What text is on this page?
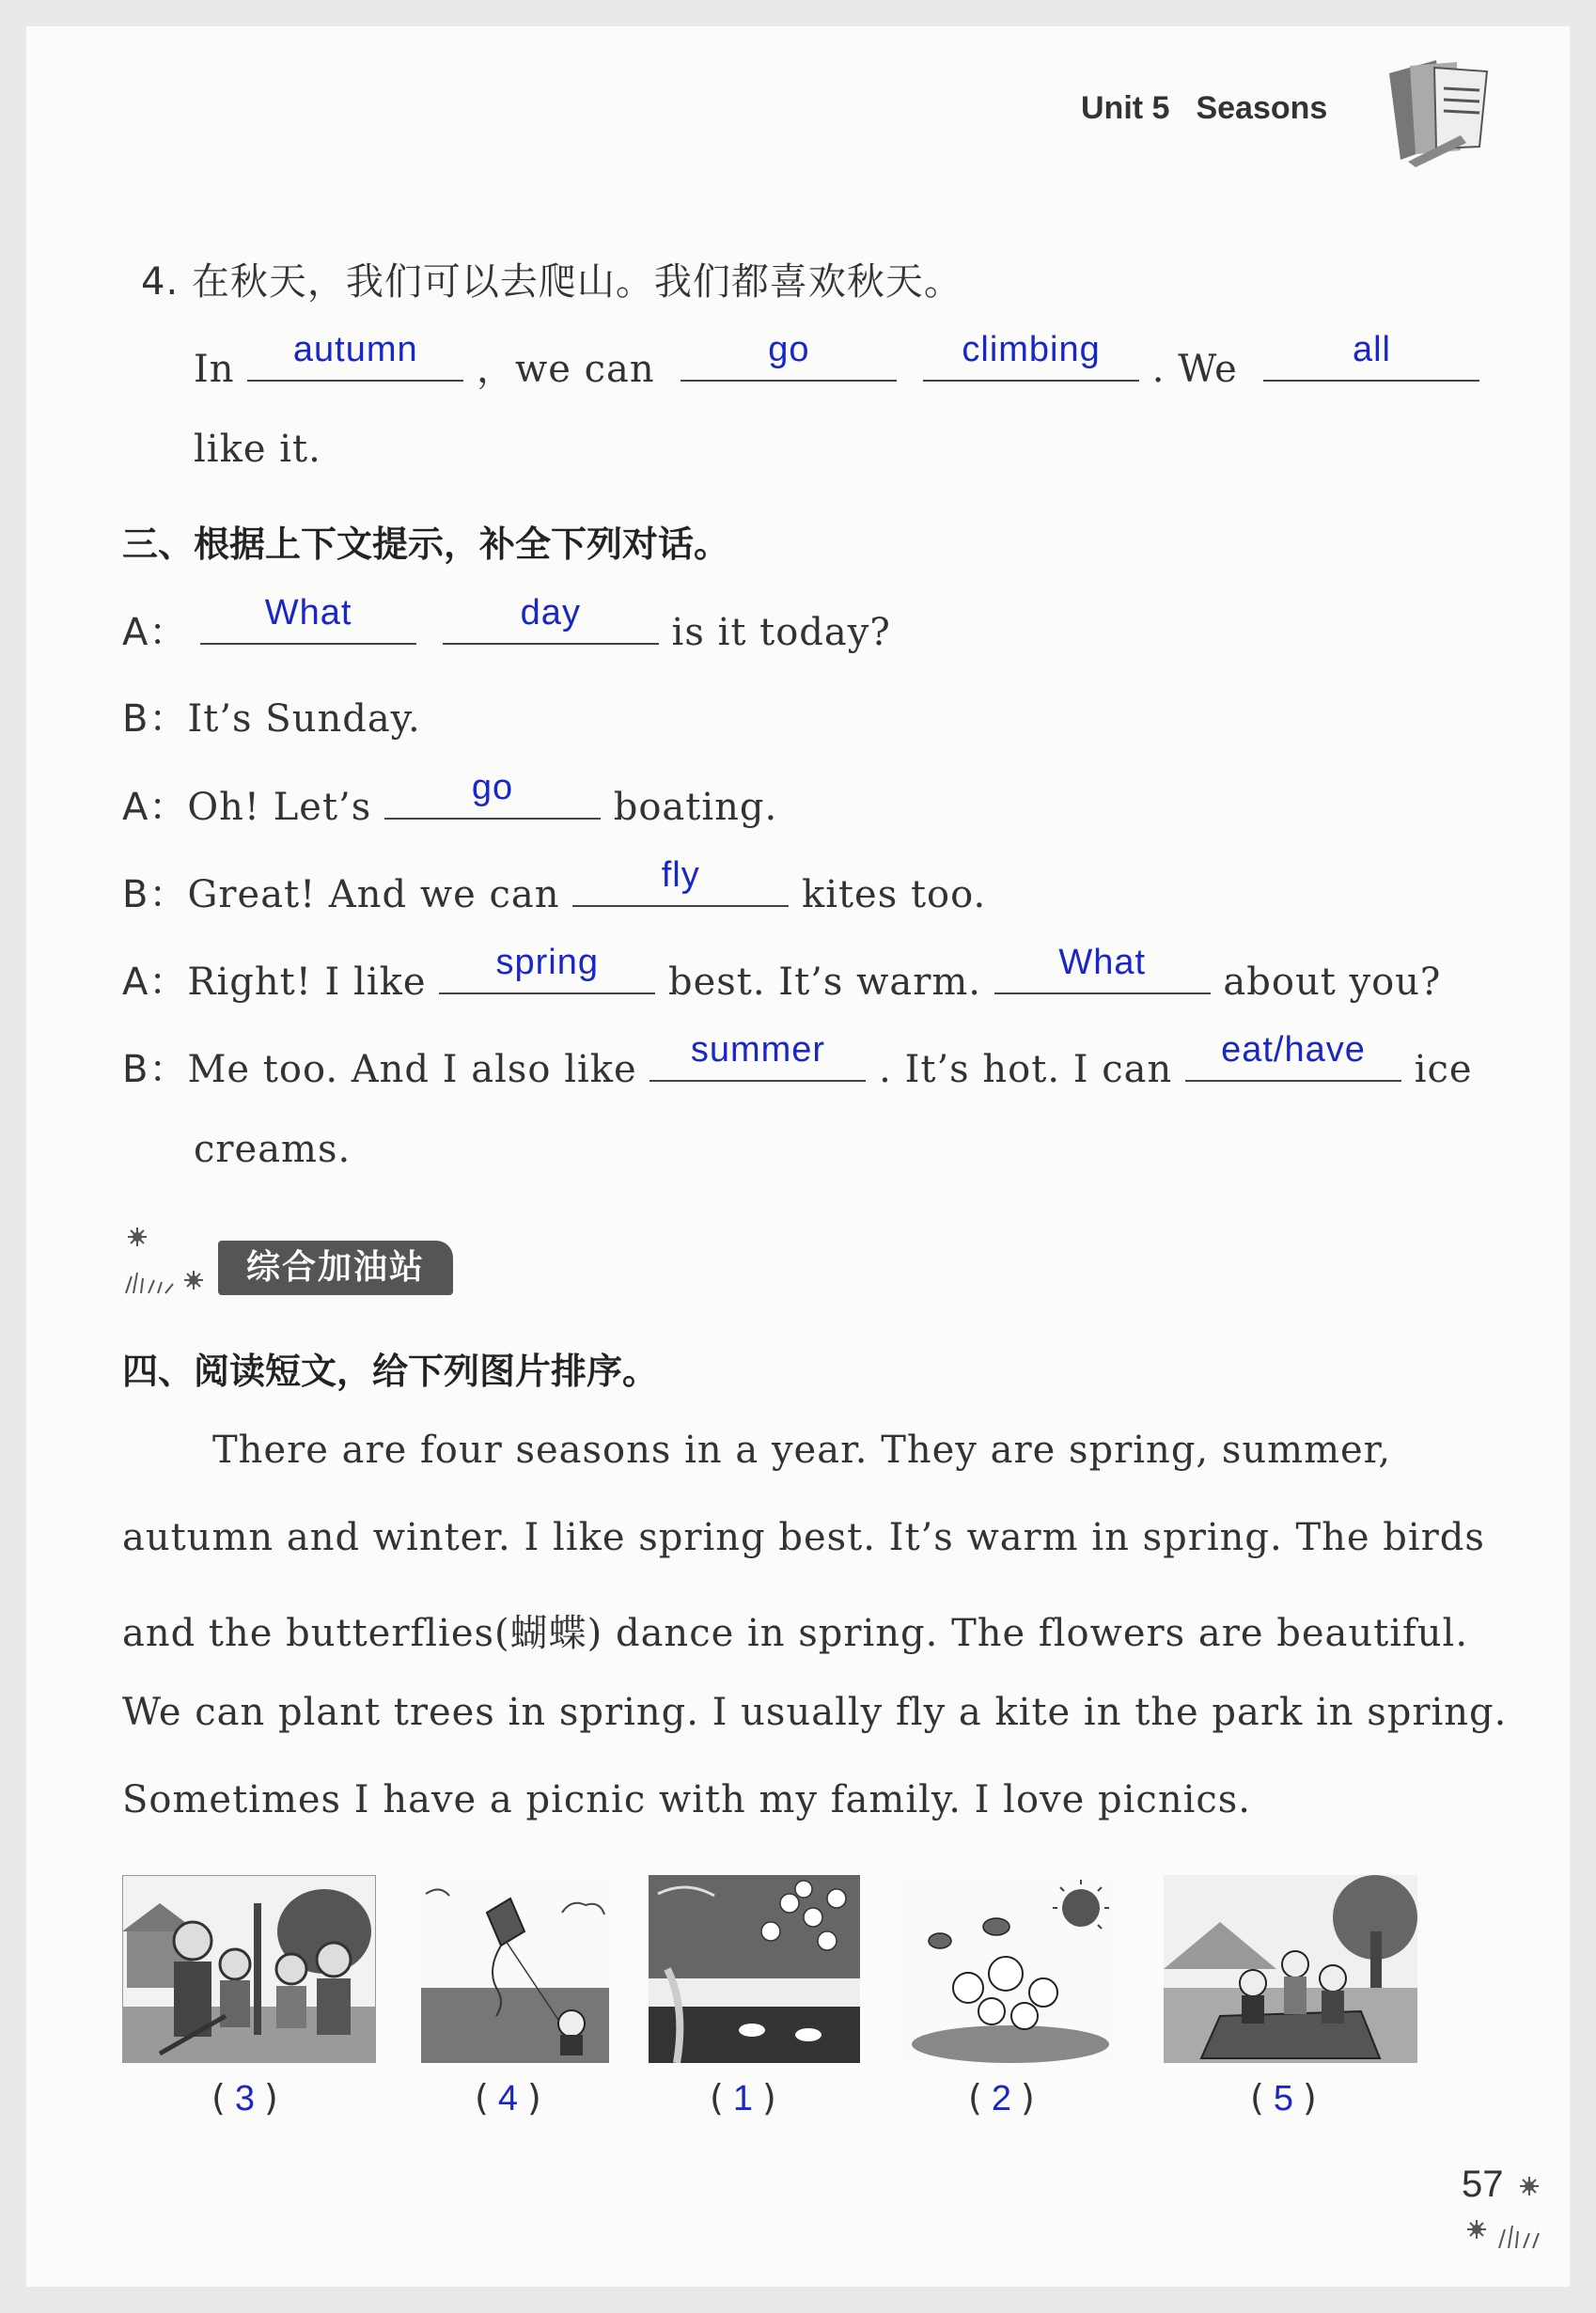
Unit 5 Seasons
4. 在秋天，我们可以去爬山。我们都喜欢秋天。
In	autumn	，we can	go
	climbing	. We	all
like it.
三、根据上下文提示，补全下列对话。
A：	What
	day	is it today?
B：It’s Sunday.
A：Oh! Let’s	go	boating.
B：Great! And we can	fly	kites too.
A：Right! I like	spring	best. It’s warm.	What	about you?
B：Me too. And I also like	summer	. It’s hot. I can	eat/have	ice
creams.
综合加油站
四、阅读短文，给下列图片排序。
There are four seasons in a year. They are spring, summer,
autumn and winter. I like spring best. It’s warm in spring. The birds
and the butterflies(蝴蝶) dance in spring. The flowers are beautiful.
We can plant trees in spring. I usually fly a kite in the park in spring.
Sometimes I have a picnic with my family. I love picnics.
( 3 )	( 4 )	( 1 )	( 2 )	( 5 )
57
